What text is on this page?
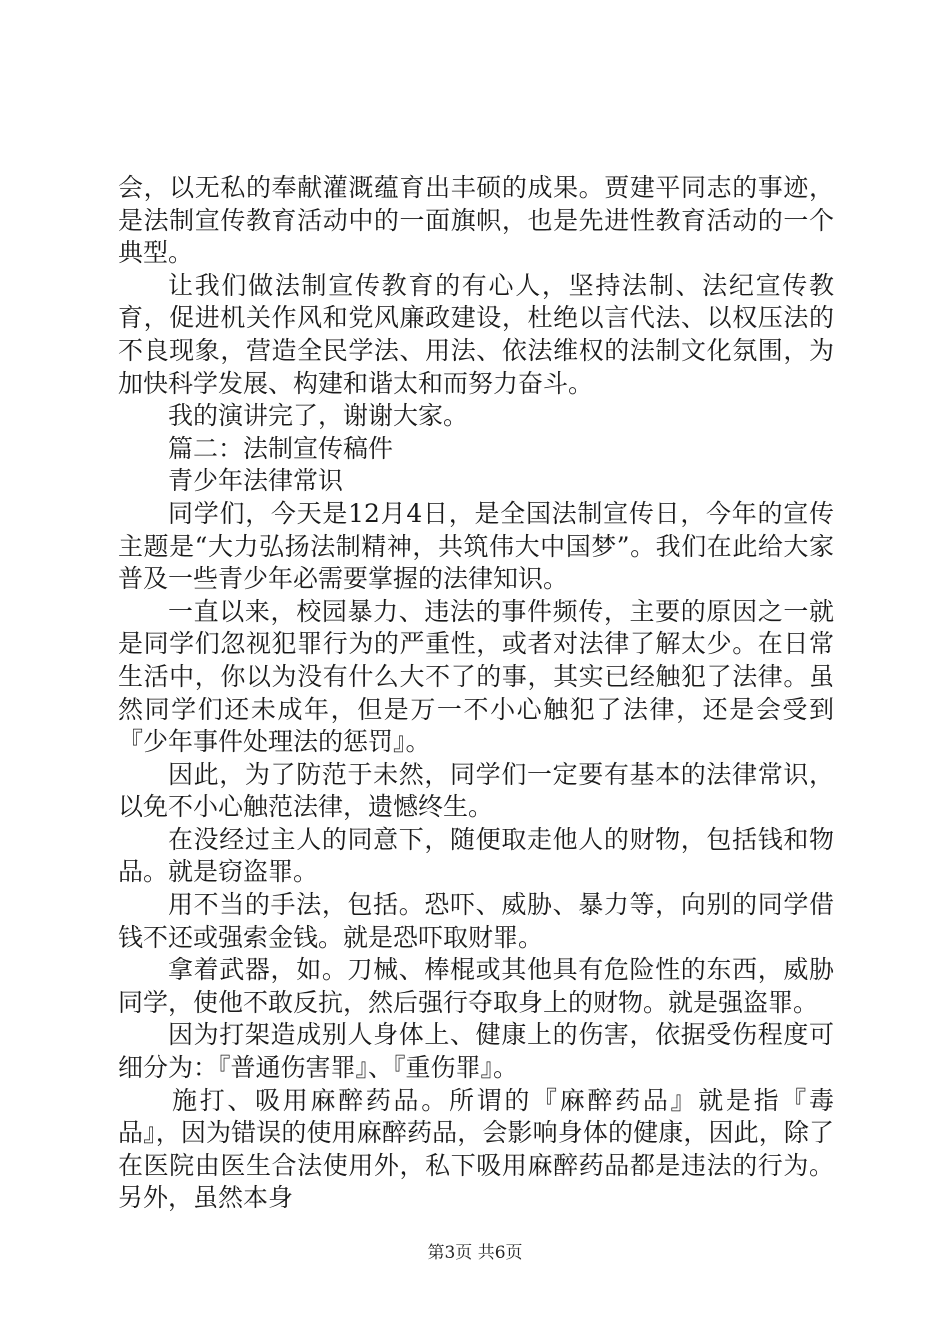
会，以无私的奉献灌溉蕴育出丰硕的成果。贾建平同志的事迹，是法制宣传教育活动中的一面旗帜，也是先进性教育活动的一个典型。

让我们做法制宣传教育的有心人，坚持法制、法纪宣传教育，促进机关作风和党风廉政建设，杜绝以言代法、以权压法的不良现象，营造全民学法、用法、依法维权的法制文化氛围，为加快科学发展、构建和谐太和而努力奋斗。

我的演讲完了，谢谢大家。

篇二：法制宣传稿件

青少年法律常识

同学们，今天是12月4日，是全国法制宣传日，今年的宣传主题是“大力弘扬法制精神，共筑伟大中国梦”。我们在此给大家普及一些青少年必需要掌握的法律知识。

一直以来，校园暴力、违法的事件频传，主要的原因之一就是同学们忽视犯罪行为的严重性，或者对法律了解太少。在日常生活中，你以为没有什么大不了的事，其实已经触犯了法律。虽然同学们还未成年，但是万一不小心触犯了法律，还是会受到『少年事件处理法的惩罚』。

因此，为了防范于未然，同学们一定要有基本的法律常识，以免不小心触范法律，遗憾终生。

在没经过主人的同意下，随便取走他人的财物，包括钱和物品。就是窃盗罪。

用不当的手法，包括。恐吓、威胁、暴力等，向别的同学借钱不还或强索金钱。就是恐吓取财罪。

拿着武器，如。刀械、棒棍或其他具有危险性的东西，威胁同学，使他不敢反抗，然后强行夺取身上的财物。就是强盗罪。

因为打架造成别人身体上、健康上的伤害，依据受伤程度可细分为：『普通伤害罪』、『重伤罪』。

施打、吸用麻醉药品。所谓的『麻醉药品』就是指『毒品』，因为错误的使用麻醉药品，会影响身体的健康，因此，除了在医院由医生合法使用外，私下吸用麻醉药品都是违法的行为。另外，虽然本身

第3页 共6页
